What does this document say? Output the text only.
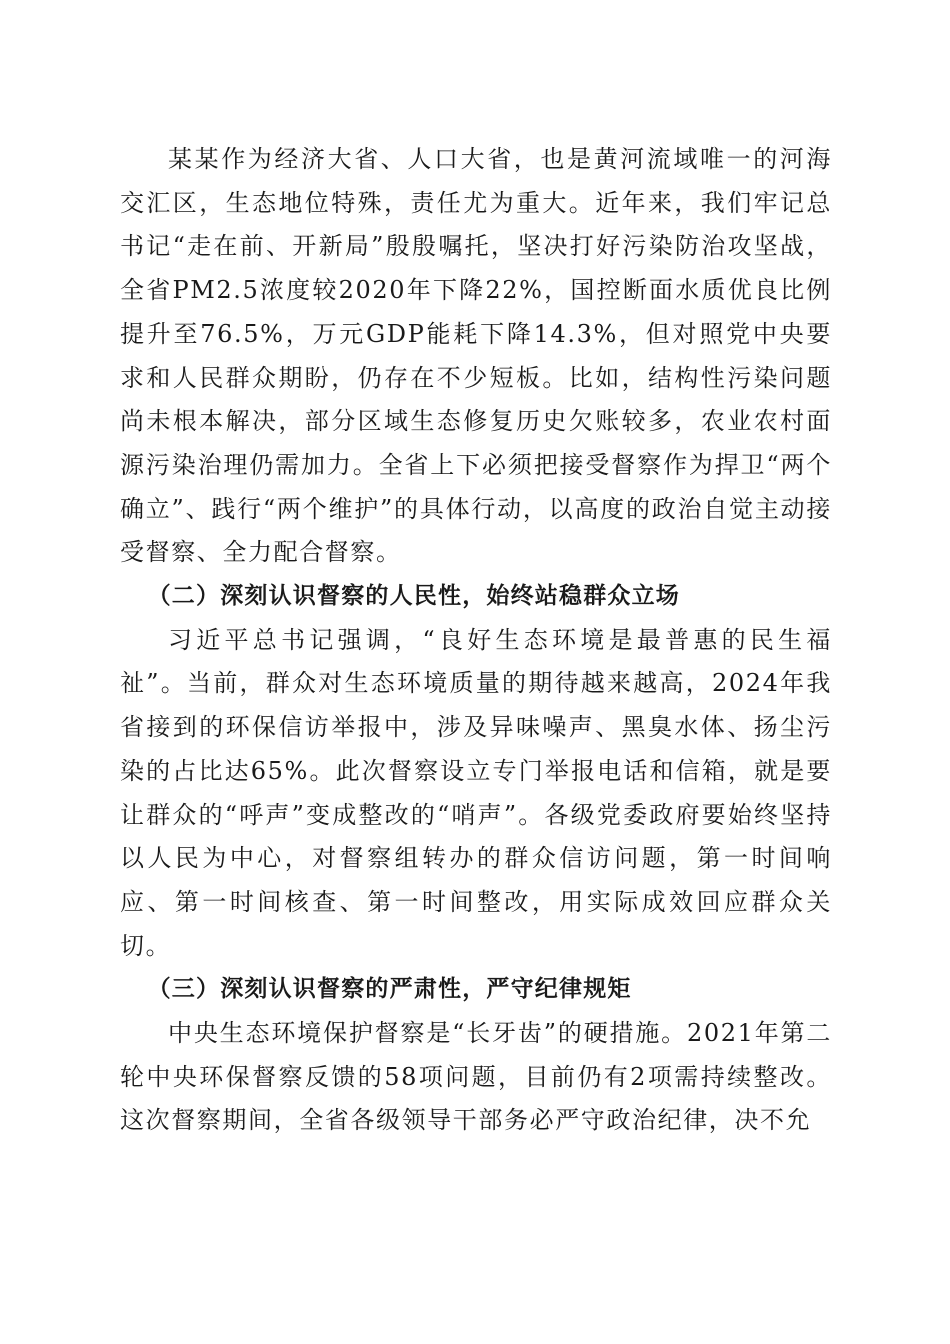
某某作为经济大省、人口大省，也是黄河流域唯一的河海交汇区，生态地位特殊，责任尤为重大。近年来，我们牢记总书记“走在前、开新局”殷殷嘱托，坚决打好污染防治攻坚战，全省PM2.5浓度较2020年下降22%，国控断面水质优良比例提升至76.5%，万元GDP能耗下降14.3%，但对照党中央要求和人民群众期盼，仍存在不少短板。比如，结构性污染问题尚未根本解决，部分区域生态修复历史欠账较多，农业农村面源污染治理仍需加力。全省上下必须把接受督察作为捍卫“两个确立”、践行“两个维护”的具体行动，以高度的政治自觉主动接受督察、全力配合督察。

（二）深刻认识督察的人民性，始终站稳群众立场

习近平总书记强调，“良好生态环境是最普惠的民生福祉”。当前，群众对生态环境质量的期待越来越高，2024年我省接到的环保信访举报中，涉及异味噪声、黑臭水体、扬尘污染的占比达65%。此次督察设立专门举报电话和信箱，就是要让群众的“呼声”变成整改的“哨声”。各级党委政府要始终坚持以人民为中心，对督察组转办的群众信访问题，第一时间响应、第一时间核查、第一时间整改，用实际成效回应群众关切。

（三）深刻认识督察的严肃性，严守纪律规矩

中央生态环境保护督察是“长牙齿”的硬措施。2021年第二轮中央环保督察反馈的58项问题，目前仍有2项需持续整改。这次督察期间，全省各级领导干部务必严守政治纪律，决不允
